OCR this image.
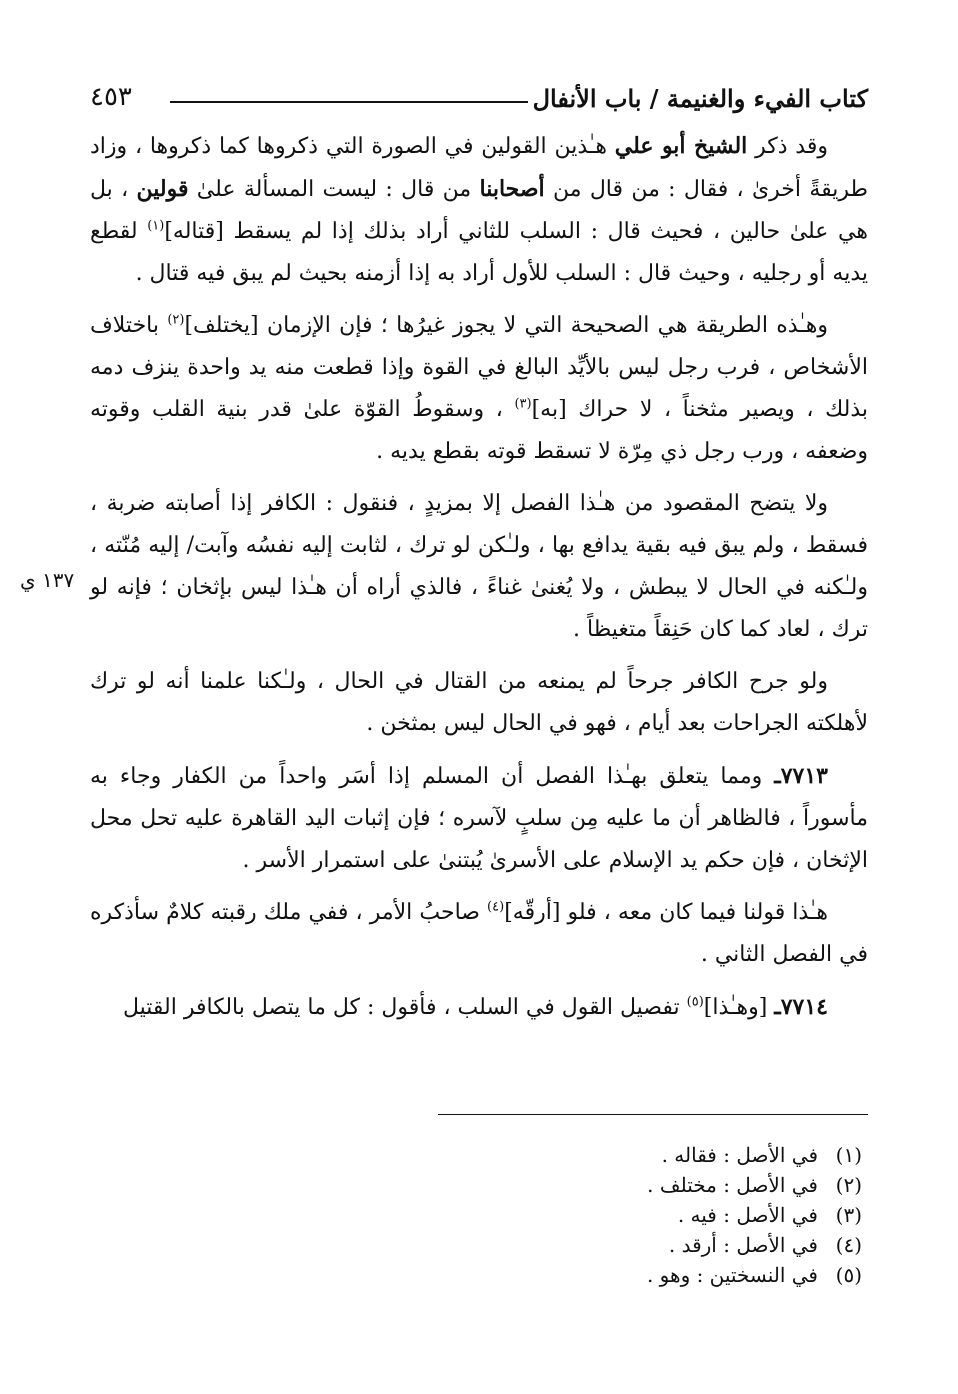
كتاب الفيء والغنيمة / باب الأنفال
٤٥٣
١٣٧ ي

وقد ذكر الشيخ أبو علي هـٰذين القولين في الصورة التي ذكروها كما ذكروها ، وزاد طريقةً أخرىٰ ، فقال : من قال من أصحابنا من قال : ليست المسألة علىٰ قولين ، بل هي علىٰ حالين ، فحيث قال : السلب للثاني أراد بذلك إذا لم يسقط [قتاله]$^{(١)}$ لقطع يديه أو رجليه ، وحيث قال : السلب للأول أراد به إذا أزمنه بحيث لم يبق فيه قتال .

وهـٰذه الطريقة هي الصحيحة التي لا يجوز غيرُها ؛ فإن الإزمان [يختلف]$^{(٢)}$ باختلاف الأشخاص ، فرب رجل ليس بالأيِّد البالغ في القوة وإذا قطعت منه يد واحدة ينزف دمه بذلك ، ويصير مثخناً ، لا حراك [به]$^{(٣)}$ ، وسقوطُ القوّة علىٰ قدر بنية القلب وقوته وضعفه ، ورب رجل ذي مِرّة لا تسقط قوته بقطع يديه .

ولا يتضح المقصود من هـٰذا الفصل إلا بمزيدٍ ، فنقول : الكافر إذا أصابته ضربة ، فسقط ، ولم يبق فيه بقية يدافع بها ، ولـٰكن لو ترك ، لثابت إليه نفسُه وآبت/ إليه مُنّته ، ولـٰكنه في الحال لا يبطش ، ولا يُغنىٰ غناءً ، فالذي أراه أن هـٰذا ليس بإثخان ؛ فإنه لو ترك ، لعاد كما كان حَنِقاً متغيظاً .

ولو جرح الكافر جرحاً لم يمنعه من القتال في الحال ، ولـٰكنا علمنا أنه لو ترك لأهلكته الجراحات بعد أيام ، فهو في الحال ليس بمثخن .

٧٧١٣ـ ومما يتعلق بهـٰذا الفصل أن المسلم إذا أسَر واحداً من الكفار وجاء به مأسوراً ، فالظاهر أن ما عليه مِن سلبٍ لآسره ؛ فإن إثبات اليد القاهرة عليه تحل محل الإثخان ، فإن حكم يد الإسلام على الأسرىٰ يُبتنىٰ على استمرار الأسر .

هـٰذا قولنا فيما كان معه ، فلو [أرقّه]$^{(٤)}$ صاحبُ الأمر ، ففي ملك رقبته كلامٌ سأذكره في الفصل الثاني .

٧٧١٤ـ [وهـٰذا]$^{(٥)}$ تفصيل القول في السلب ، فأقول : كل ما يتصل بالكافر القتيل

(١)في الأصل : فقاله .
(٢)في الأصل : مختلف .
(٣)في الأصل : فيه .
(٤)في الأصل : أرقد .
(٥)في النسختين : وهو .
